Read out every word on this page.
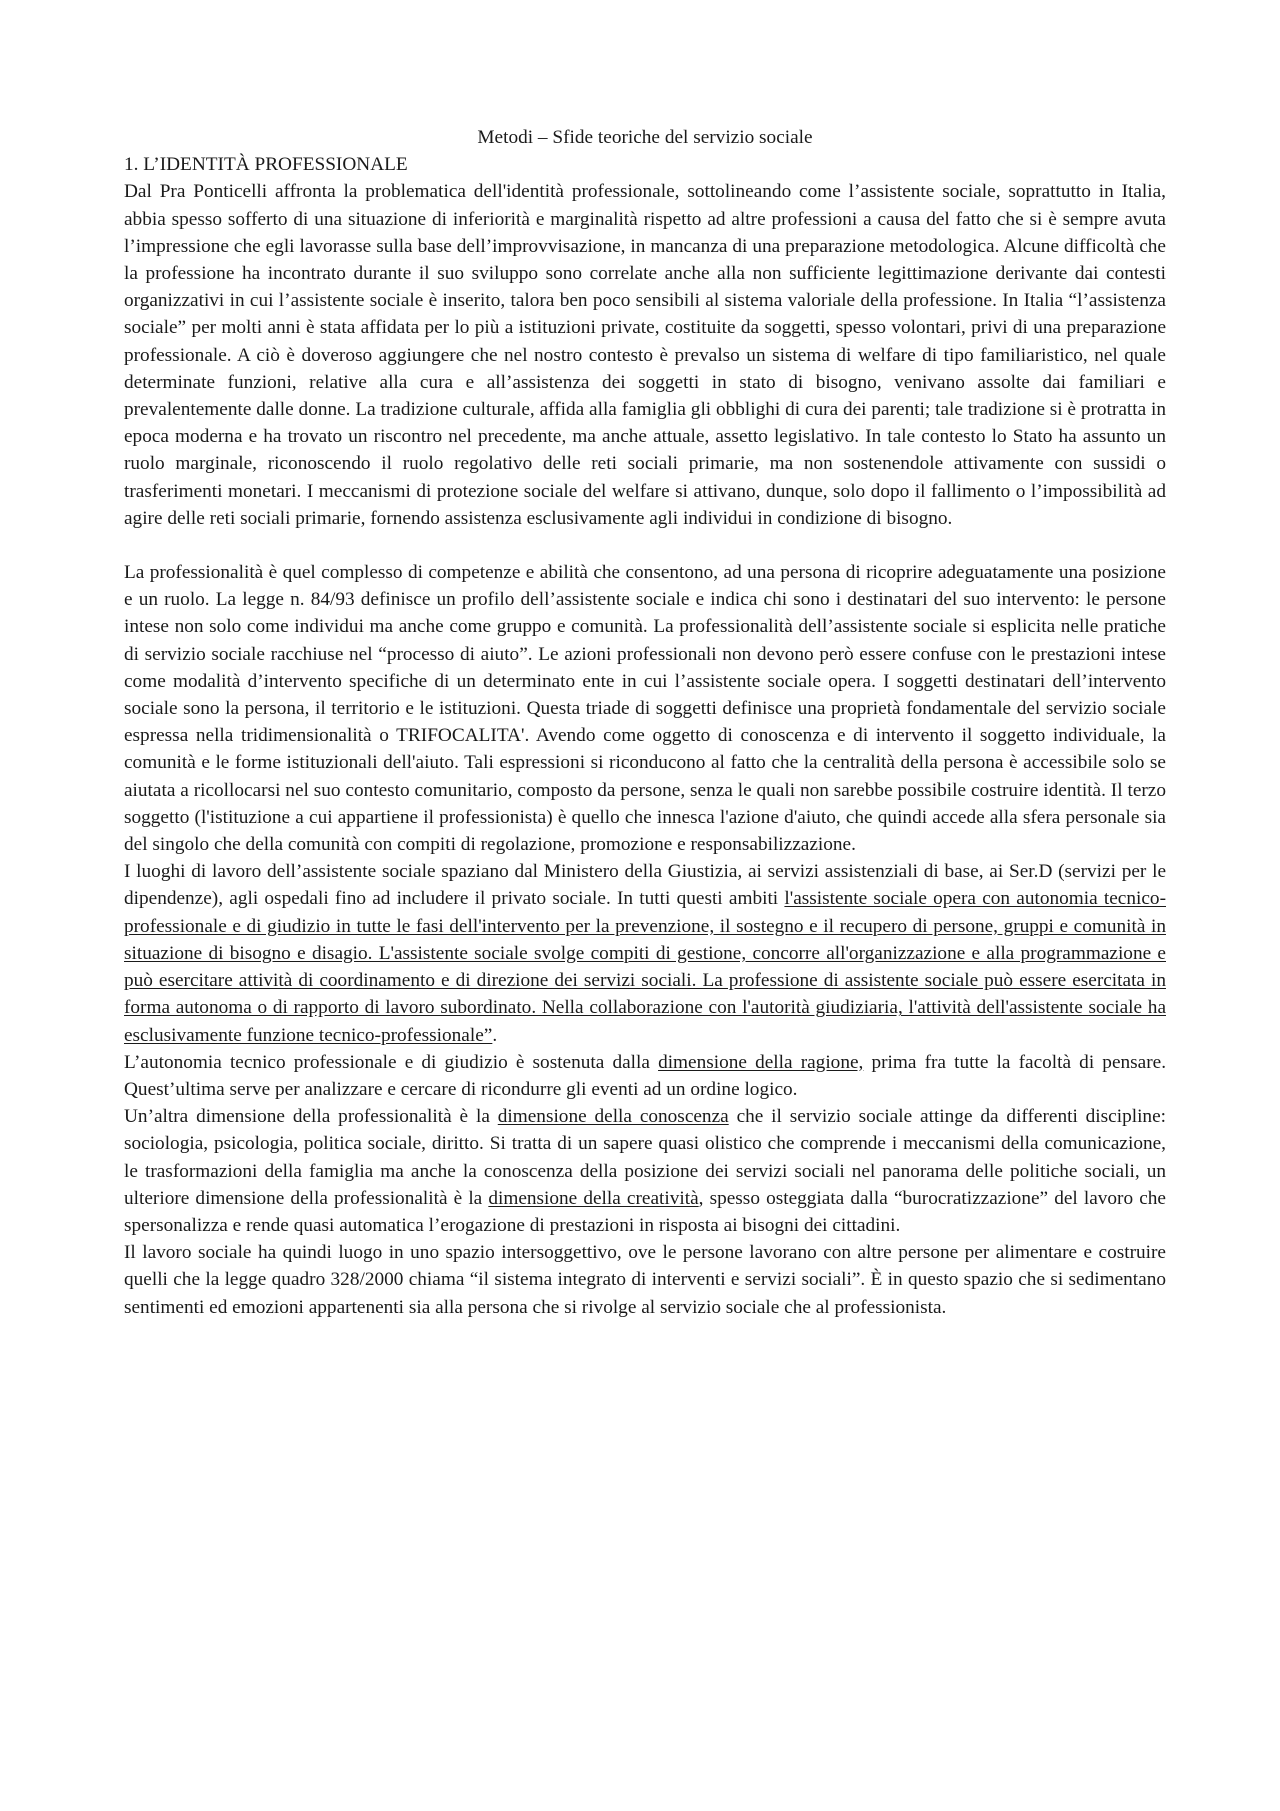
Metodi – Sfide teoriche del servizio sociale
1. L’IDENTITÀ PROFESSIONALE

Dal Pra Ponticelli affronta la problematica dell'identità professionale, sottolineando come l’assistente sociale, soprattutto in Italia, abbia spesso sofferto di una situazione di inferiorità e marginalità rispetto ad altre professioni a causa del fatto che si è sempre avuta l’impressione che egli lavorasse sulla base dell’improvvisazione, in mancanza di una preparazione metodologica. Alcune difficoltà che la professione ha incontrato durante il suo sviluppo sono correlate anche alla non sufficiente legittimazione derivante dai contesti organizzativi in cui l’assistente sociale è inserito, talora ben poco sensibili al sistema valoriale della professione. In Italia “l’assistenza sociale” per molti anni è stata affidata per lo più a istituzioni private, costituite da soggetti, spesso volontari, privi di una preparazione professionale. A ciò è doveroso aggiungere che nel nostro contesto è prevalso un sistema di welfare di tipo familiaristico, nel quale determinate funzioni, relative alla cura e all’assistenza dei soggetti in stato di bisogno, venivano assolte dai familiari e prevalentemente dalle donne. La tradizione culturale, affida alla famiglia gli obblighi di cura dei parenti; tale tradizione si è protratta in epoca moderna e ha trovato un riscontro nel precedente, ma anche attuale, assetto legislativo. In tale contesto lo Stato ha assunto un ruolo marginale, riconoscendo il ruolo regolativo delle reti sociali primarie, ma non sostenendole attivamente con sussidi o trasferimenti monetari. I meccanismi di protezione sociale del welfare si attivano, dunque, solo dopo il fallimento o l’impossibilità ad agire delle reti sociali primarie, fornendo assistenza esclusivamente agli individui in condizione di bisogno.

La professionalità è quel complesso di competenze e abilità che consentono, ad una persona di ricoprire adeguatamente una posizione e un ruolo. La legge n. 84/93 definisce un profilo dell’assistente sociale e indica chi sono i destinatari del suo intervento: le persone intese non solo come individui ma anche come gruppo e comunità. La professionalità dell’assistente sociale si esplicita nelle pratiche di servizio sociale racchiuse nel “processo di aiuto”. Le azioni professionali non devono però essere confuse con le prestazioni intese come modalità d’intervento specifiche di un determinato ente in cui l’assistente sociale opera. I soggetti destinatari dell’intervento sociale sono la persona, il territorio e le istituzioni. Questa triade di soggetti definisce una proprietà fondamentale del servizio sociale espressa nella tridimensionalità o TRIFOCALITA'. Avendo come oggetto di conoscenza e di intervento il soggetto individuale, la comunità e le forme istituzionali dell'aiuto. Tali espressioni si riconducono al fatto che la centralità della persona è accessibile solo se aiutata a ricollocarsi nel suo contesto comunitario, composto da persone, senza le quali non sarebbe possibile costruire identità. Il terzo soggetto (l'istituzione a cui appartiene il professionista) è quello che innesca l'azione d'aiuto, che quindi accede alla sfera personale sia del singolo che della comunità con compiti di regolazione, promozione e responsabilizzazione.

I luoghi di lavoro dell’assistente sociale spaziano dal Ministero della Giustizia, ai servizi assistenziali di base, ai Ser.D (servizi per le dipendenze), agli ospedali fino ad includere il privato sociale. In tutti questi ambiti l'assistente sociale opera con autonomia tecnico-professionale e di giudizio in tutte le fasi dell'intervento per la prevenzione, il sostegno e il recupero di persone, gruppi e comunità in situazione di bisogno e disagio. L'assistente sociale svolge compiti di gestione, concorre all'organizzazione e alla programmazione e può esercitare attività di coordinamento e di direzione dei servizi sociali. La professione di assistente sociale può essere esercitata in forma autonoma o di rapporto di lavoro subordinato. Nella collaborazione con l'autorità giudiziaria, l'attività dell'assistente sociale ha esclusivamente funzione tecnico-professionale”.

L’autonomia tecnico professionale e di giudizio è sostenuta dalla dimensione della ragione, prima fra tutte la facoltà di pensare. Quest’ultima serve per analizzare e cercare di ricondurre gli eventi ad un ordine logico.

Un’altra dimensione della professionalità è la dimensione della conoscenza che il servizio sociale attinge da differenti discipline: sociologia, psicologia, politica sociale, diritto. Si tratta di un sapere quasi olistico che comprende i meccanismi della comunicazione, le trasformazioni della famiglia ma anche la conoscenza della posizione dei servizi sociali nel panorama delle politiche sociali, un ulteriore dimensione della professionalità è la dimensione della creatività, spesso osteggiata dalla “burocratizzazione” del lavoro che spersonalizza e rende quasi automatica l’erogazione di prestazioni in risposta ai bisogni dei cittadini.

Il lavoro sociale ha quindi luogo in uno spazio intersoggettivo, ove le persone lavorano con altre persone per alimentare e costruire quelli che la legge quadro 328/2000 chiama “il sistema integrato di interventi e servizi sociali”. È in questo spazio che si sedimentano sentimenti ed emozioni appartenenti sia alla persona che si rivolge al servizio sociale che al professionista.
